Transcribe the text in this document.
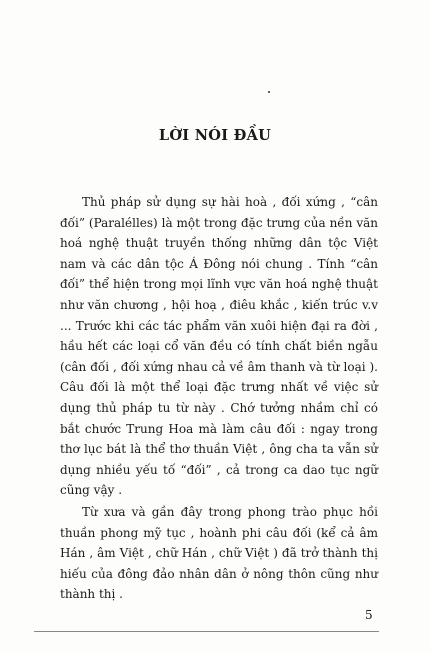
LỜI NÓI ĐẦU

Thủ pháp sử dụng sự hài hoà , đối xứng , “cân đối” (Paralélles) là một trong đặc trưng của nền văn hoá nghệ thuật truyền thống những dân tộc Việt nam và các dân tộc Á Đông nói chung . Tính “cân đối” thể hiện trong mọi lĩnh vực văn hoá nghệ thuật như văn chương , hội hoạ , điêu khắc , kiến trúc v.v ... Trước khi các tác phẩm văn xuôi hiện đại ra đời , hầu hết các loại cổ văn đều có tính chất biền ngẫu (cân đối , đối xứng nhau cả về âm thanh và từ loại ). Câu đối là một thể loại đặc trưng nhất về việc sử dụng thủ pháp tu từ này . Chớ tưởng nhầm chỉ có bắt chước Trung Hoa mà làm câu đối : ngay trong thơ lục bát là thể thơ thuần Việt , ông cha ta vẫn sử dụng nhiều yếu tố “đối” , cả trong ca dao tục ngữ cũng vậy .

Từ xưa và gần đây trong phong trào phục hồi thuần phong mỹ tục , hoành phi câu đối (kể cả âm Hán , âm Việt , chữ Hán , chữ Việt ) đã trở thành thị hiếu của đông đảo nhân dân ở nông thôn cũng như thành thị .

5
